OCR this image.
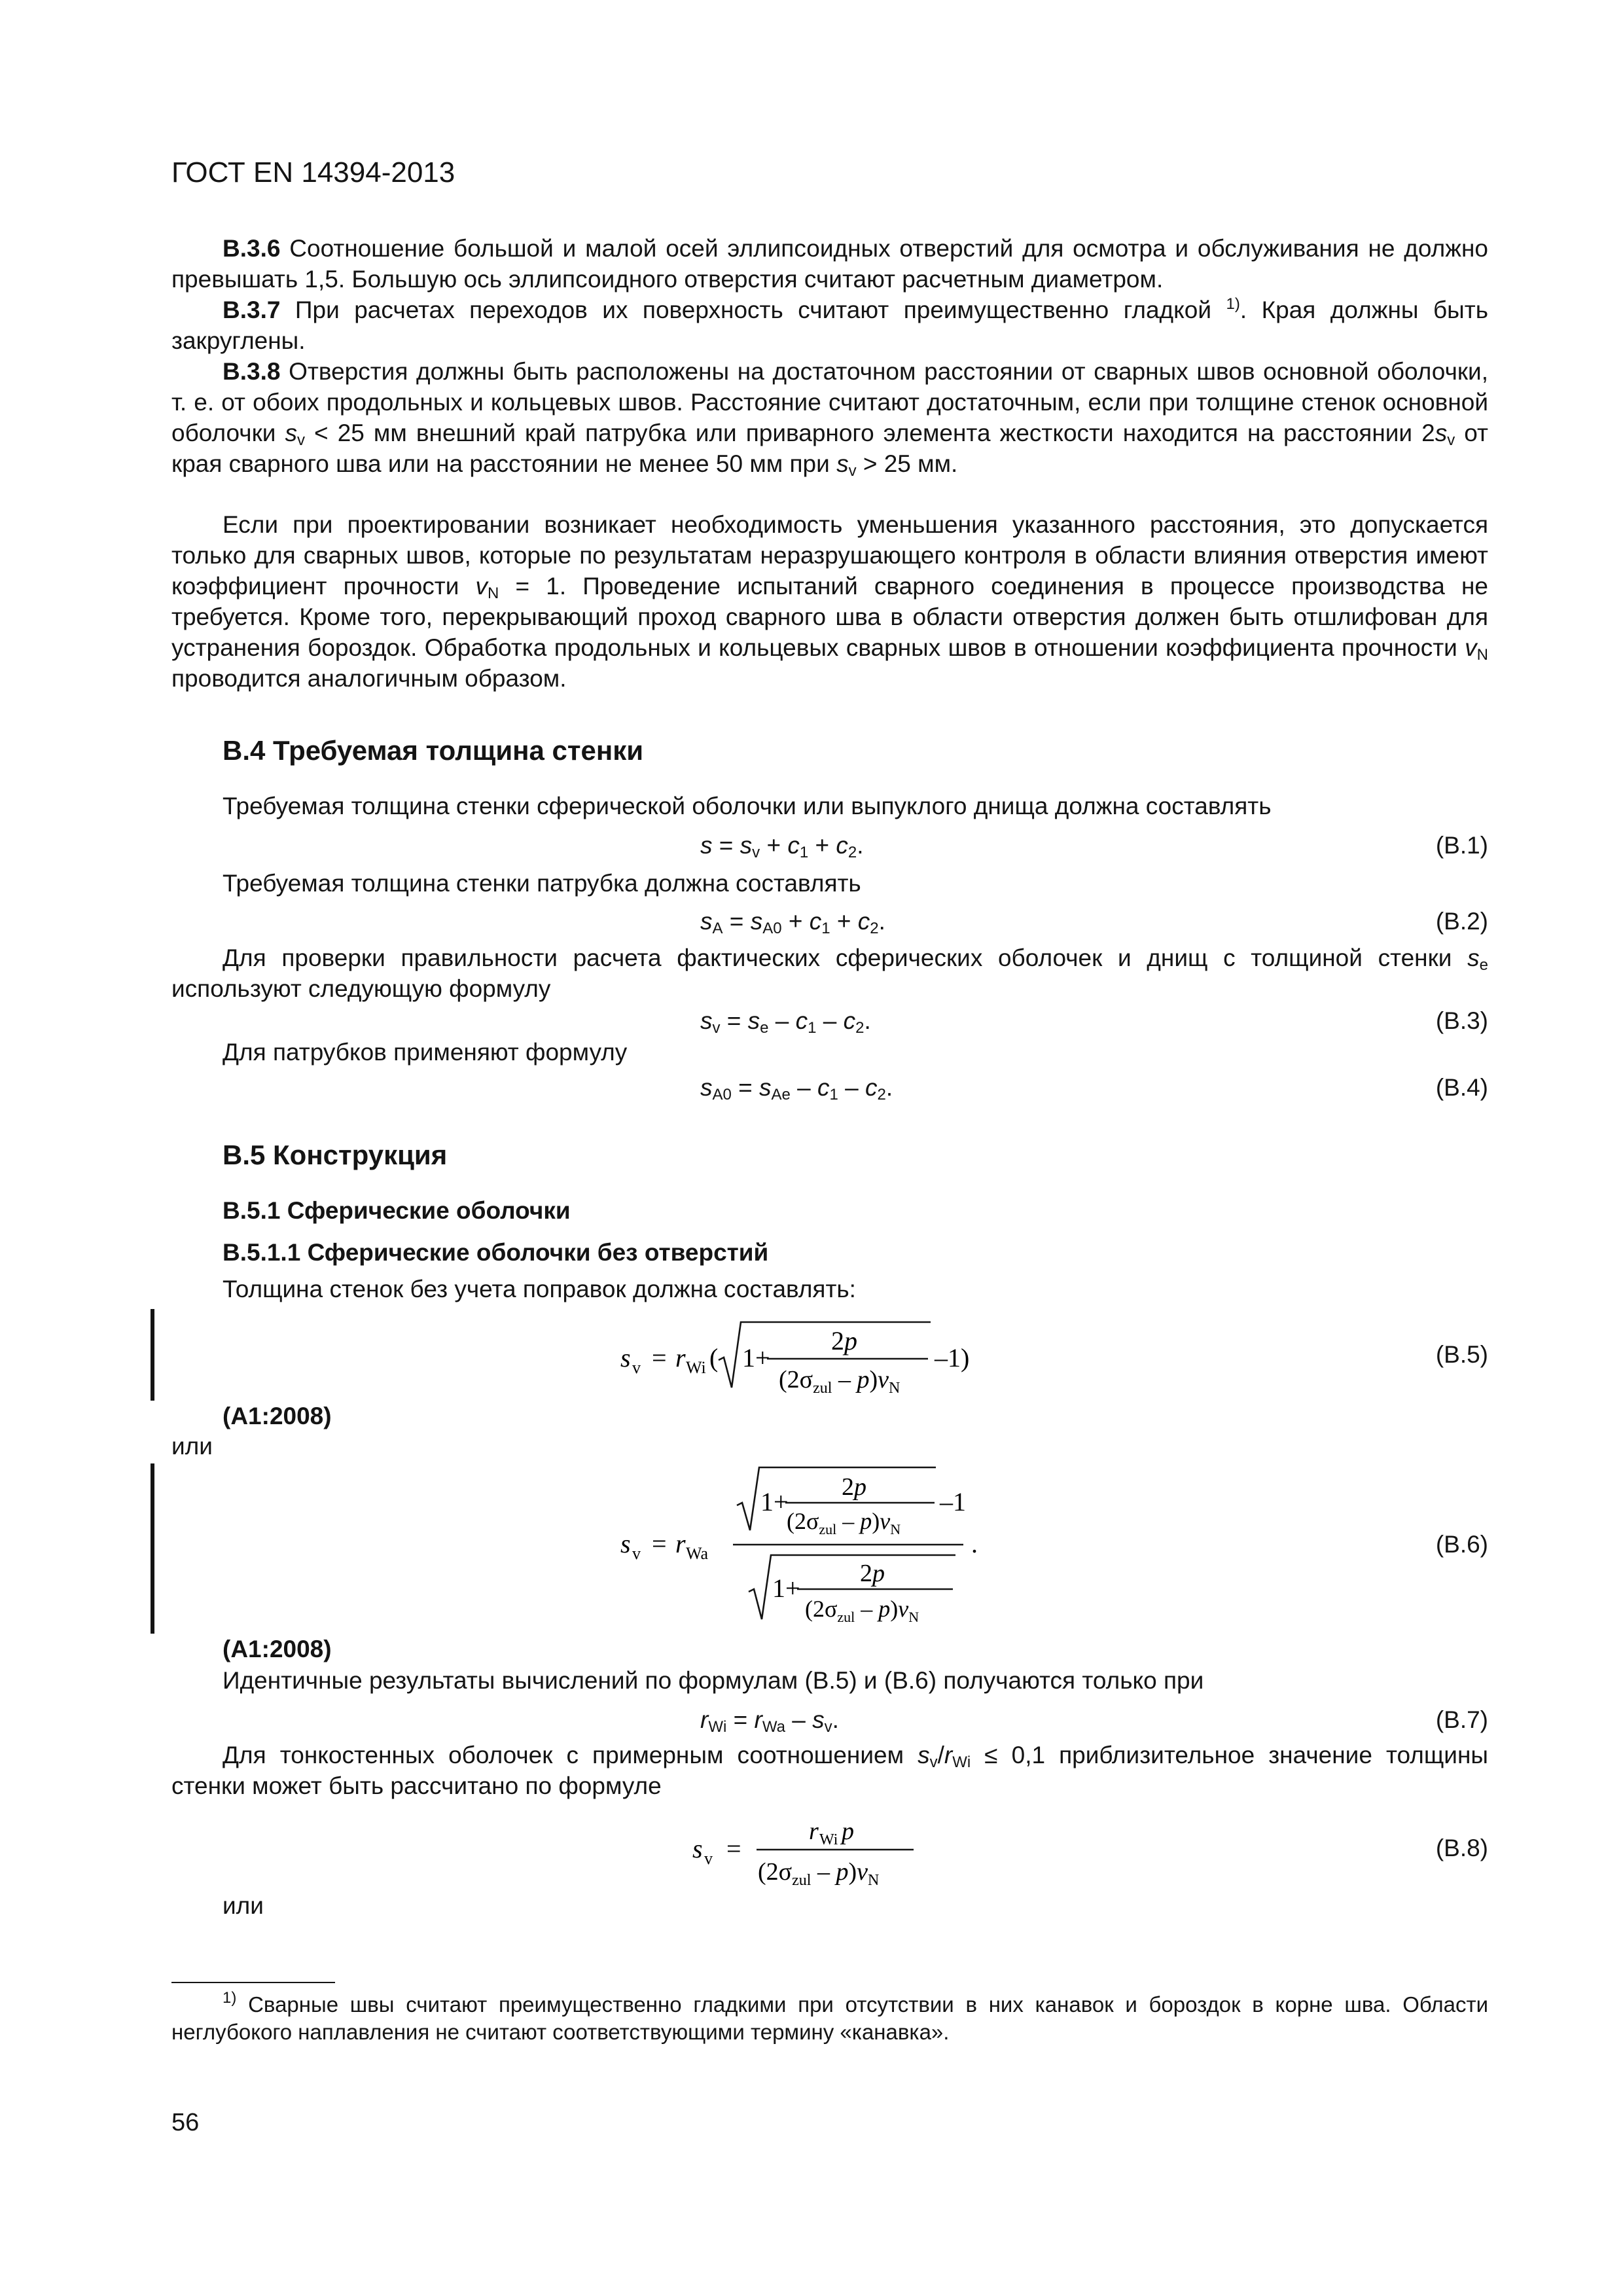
ГОСТ EN 14394-2013

В.3.6 Соотношение большой и малой осей эллипсоидных отверстий для осмотра и обслуживания не должно превышать 1,5. Большую ось эллипсоидного отверстия считают расчетным диаметром.

В.3.7 При расчетах переходов их поверхность считают преимущественно гладкой $^{1)}$. Края должны быть закруглены.

В.3.8 Отверстия должны быть расположены на достаточном расстоянии от сварных швов основной оболочки, т. е. от обоих продольных и кольцевых швов. Расстояние считают достаточным, если при толщине стенок основной оболочки $s_v < 25$ мм внешний край патрубка или приварного элемента жесткости находится на расстоянии $2s_v$ от края сварного шва или на расстоянии не менее 50 мм при $s_v > 25$ мм.

Если при проектировании возникает необходимость уменьшения указанного расстояния, это допускается только для сварных швов, которые по результатам неразрушающего контроля в области влияния отверстия имеют коэффициент прочности $v_N = 1$. Проведение испытаний сварного соединения в процессе производства не требуется. Кроме того, перекрывающий проход сварного шва в области отверстия должен быть отшлифован для устранения бороздок. Обработка продольных и кольцевых сварных швов в отношении коэффициента прочности $v_N$ проводится аналогичным образом.

В.4 Требуемая толщина стенки
Требуемая толщина стенки сферической оболочки или выпуклого днища должна составлять
$s = s_v + c_1 + c_2$.	(В.1)
Требуемая толщина стенки патрубка должна составлять
$s_A = s_{A0} + c_1 + c_2$.	(В.2)

Для проверки правильности расчета фактических сферических оболочек и днищ с толщиной стенки $s_e$ используют следующую формулу

$s_v = s_e - c_1 - c_2$.	(В.3)
Для патрубков применяют формулу
$s_{A0} = s_{Ae} - c_1 - c_2$.	(В.4)
В.5 Конструкция
В.5.1 Сферические оболочки
В.5.1.1 Сферические оболочки без отверстий
Толщина стенок без учета поправок должна составлять:
s v = r Wi ( 1+
2p
$(2\sigma_{zul} - p)\nu_N$
–1)	(В.5)
(A1:2008)
или
s v = r Wa
1+ 2p
$(2\sigma_{zul} - p)\nu_N$
–1
.
1+ 2p
$(2\sigma_{zul} - p)\nu_N$
(В.6)
(A1:2008)
Идентичные результаты вычислений по формулам (В.5) и (В.6) получаются только при
$r_{Wi} = r_{Wa} - s_v$.	(В.7)

Для тонкостенных оболочек с примерным соотношением $s_v/r_{Wi} \le 0,1$ приблизительное значение толщины стенки может быть рассчитано по формуле

s v =
r Wi p
$(2\sigma_{zul} - p)\nu_N$
(В.8)
или

$^{1)}$ Сварные швы считают преимущественно гладкими при отсутствии в них канавок и бороздок в корне шва. Области неглубокого наплавления не считают соответствующими термину «канавка».

56
